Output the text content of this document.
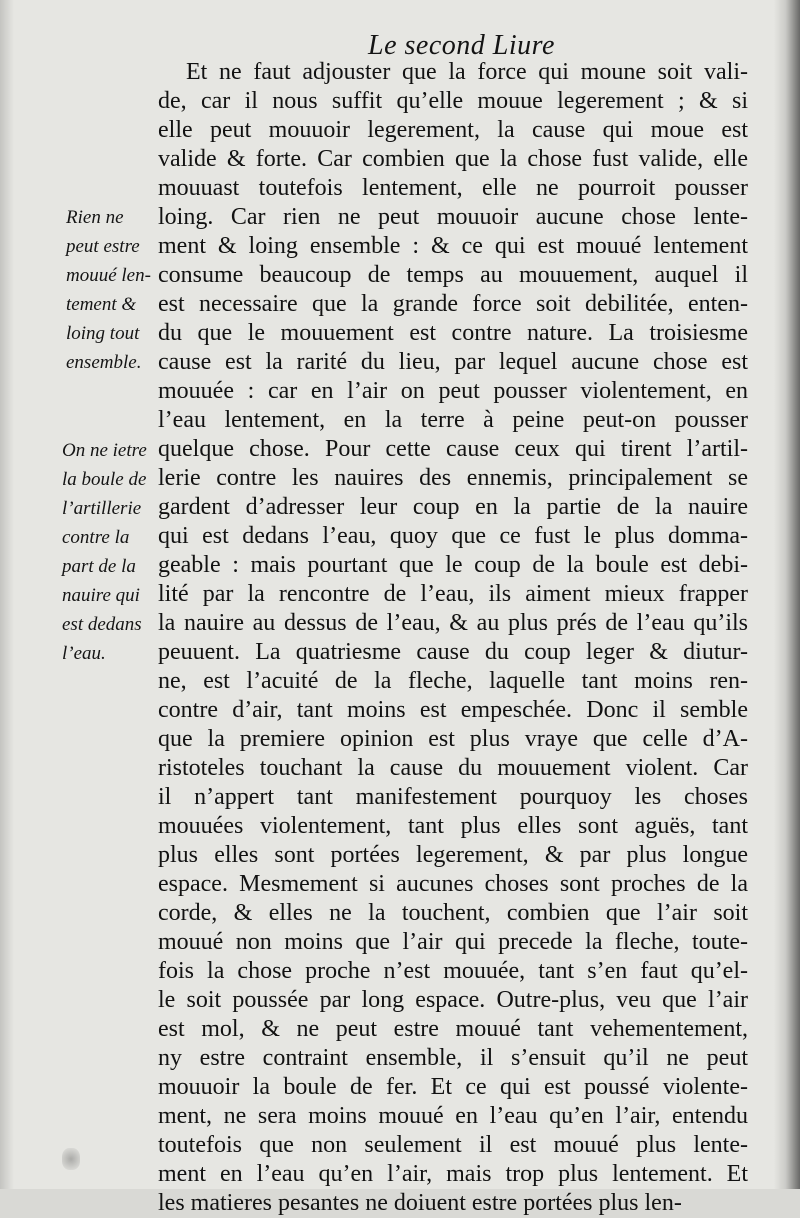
Le second Liure
Et ne faut adjouster que la force qui moune soit vali-
de, car il nous suffit qu’elle mouue legerement ; & si
elle peut mouuoir legerement, la cause qui moue est
valide & forte. Car combien que la chose fust valide, elle
mouuast toutefois lentement, elle ne pourroit pousser
loing. Car rien ne peut mouuoir aucune chose lente-
ment & loing ensemble : & ce qui est mouué lentement
consume beaucoup de temps au mouuement, auquel il
est necessaire que la grande force soit debilitée, enten-
du que le mouuement est contre nature. La troisiesme
cause est la rarité du lieu, par lequel aucune chose est
mouuée : car en l’air on peut pousser violentement, en
l’eau lentement, en la terre à peine peut-on pousser
quelque chose. Pour cette cause ceux qui tirent l’artil-
lerie contre les nauires des ennemis, principalement se
gardent d’adresser leur coup en la partie de la nauire
qui est dedans l’eau, quoy que ce fust le plus domma-
geable : mais pourtant que le coup de la boule est debi-
lité par la rencontre de l’eau, ils aiment mieux frapper
la nauire au dessus de l’eau, & au plus prés de l’eau qu’ils
peuuent. La quatriesme cause du coup leger & diutur-
ne, est l’acuité de la fleche, laquelle tant moins ren-
contre d’air, tant moins est empeschée. Donc il semble
que la premiere opinion est plus vraye que celle d’A-
ristoteles touchant la cause du mouuement violent. Car
il n’appert tant manifestement pourquoy les choses
mouuées violentement, tant plus elles sont aguës, tant
plus elles sont portées legerement, & par plus longue
espace. Mesmement si aucunes choses sont proches de la
corde, & elles ne la touchent, combien que l’air soit
mouué non moins que l’air qui precede la fleche, toute-
fois la chose proche n’est mouuée, tant s’en faut qu’el-
le soit poussée par long espace. Outre-plus, veu que l’air
est mol, & ne peut estre mouué tant vehementement,
ny estre contraint ensemble, il s’ensuit qu’il ne peut
mouuoir la boule de fer. Et ce qui est poussé violente-
ment, ne sera moins mouué en l’eau qu’en l’air, entendu
toutefois que non seulement il est mouué plus lente-
ment en l’eau qu’en l’air, mais trop plus lentement. Et
les matieres pesantes ne doiuent estre portées plus len-
Rien ne
peut estre
mouué len-
tement &
loing tout
ensemble.
On ne ietre
la boule de
l’artillerie
contre la
part de la
nauire qui
est dedans
l’eau.
